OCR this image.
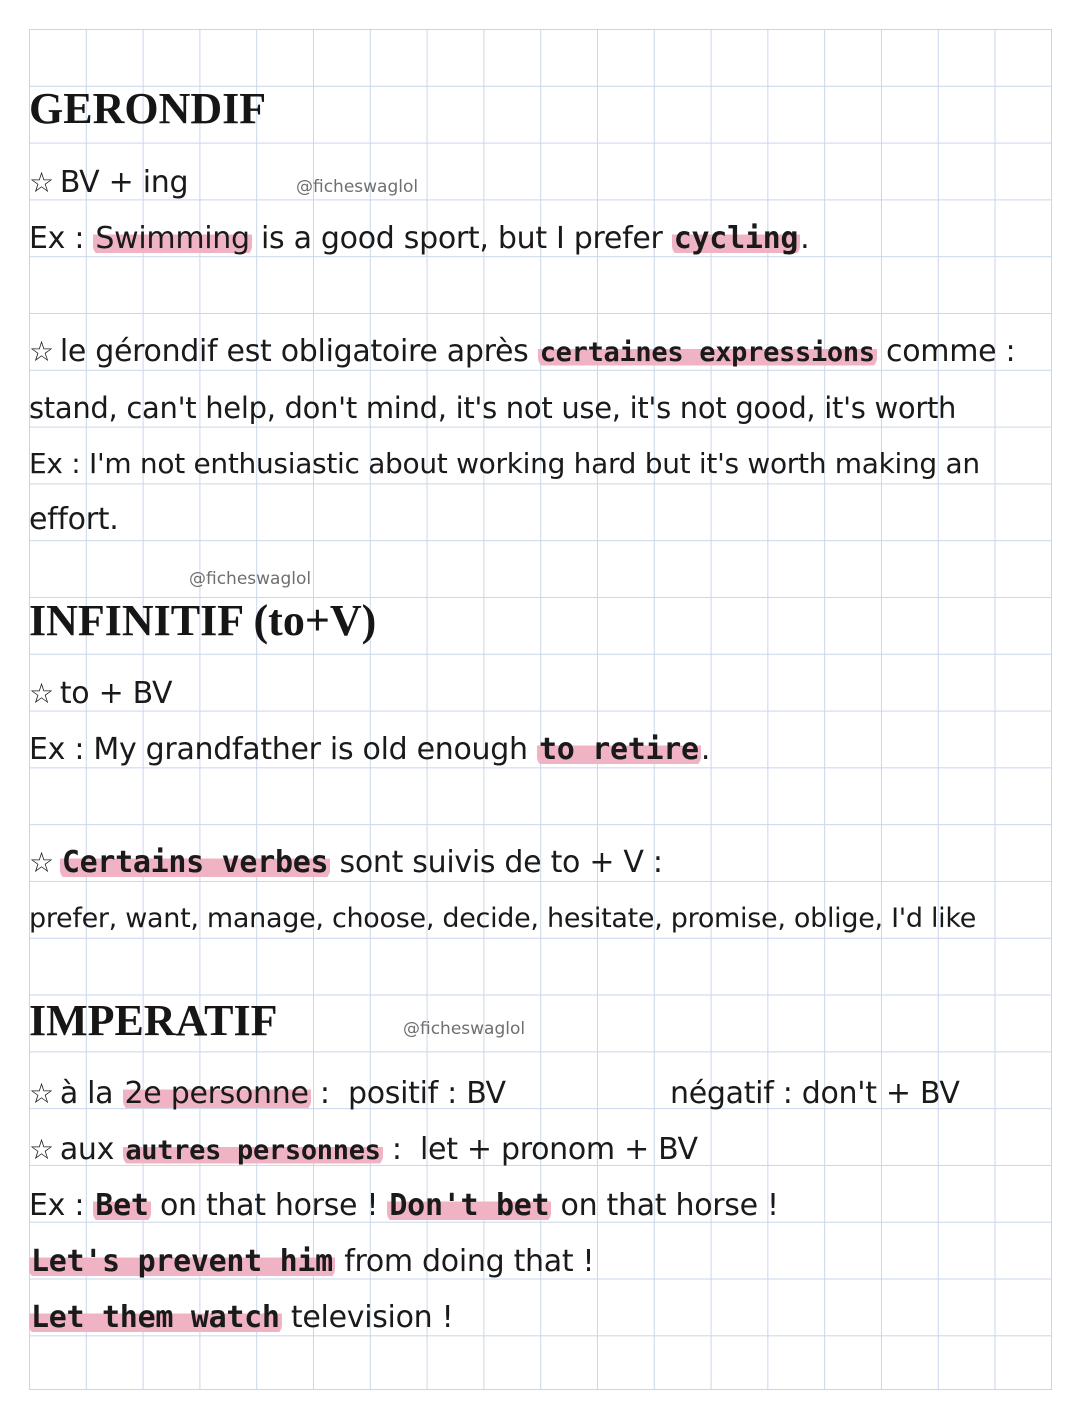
GERONDIF
@ficheswaglol
☆ BV + ing
Ex : Swimming is a good sport, but I prefer cycling.
☆ le gérondif est obligatoire après certaines expressions comme :
stand, can't help, don't mind, it's not use, it's not good, it's worth
Ex : I'm not enthusiastic about working hard but it's worth making an
effort.
@ficheswaglol
INFINITIF (to+V)
☆ to + BV
Ex : My grandfather is old enough to retire.
☆ Certains verbes sont suivis de to + V :
prefer, want, manage, choose, decide, hesitate, promise, oblige, I'd like
IMPERATIF	@ficheswaglol
☆ à la 2e personne : positif : BV	négatif : don't + BV
☆ aux autres personnes : let + pronom + BV
Ex : Bet on that horse ! Don't bet on that horse !
Let's prevent him from doing that !
Let them watch television !
